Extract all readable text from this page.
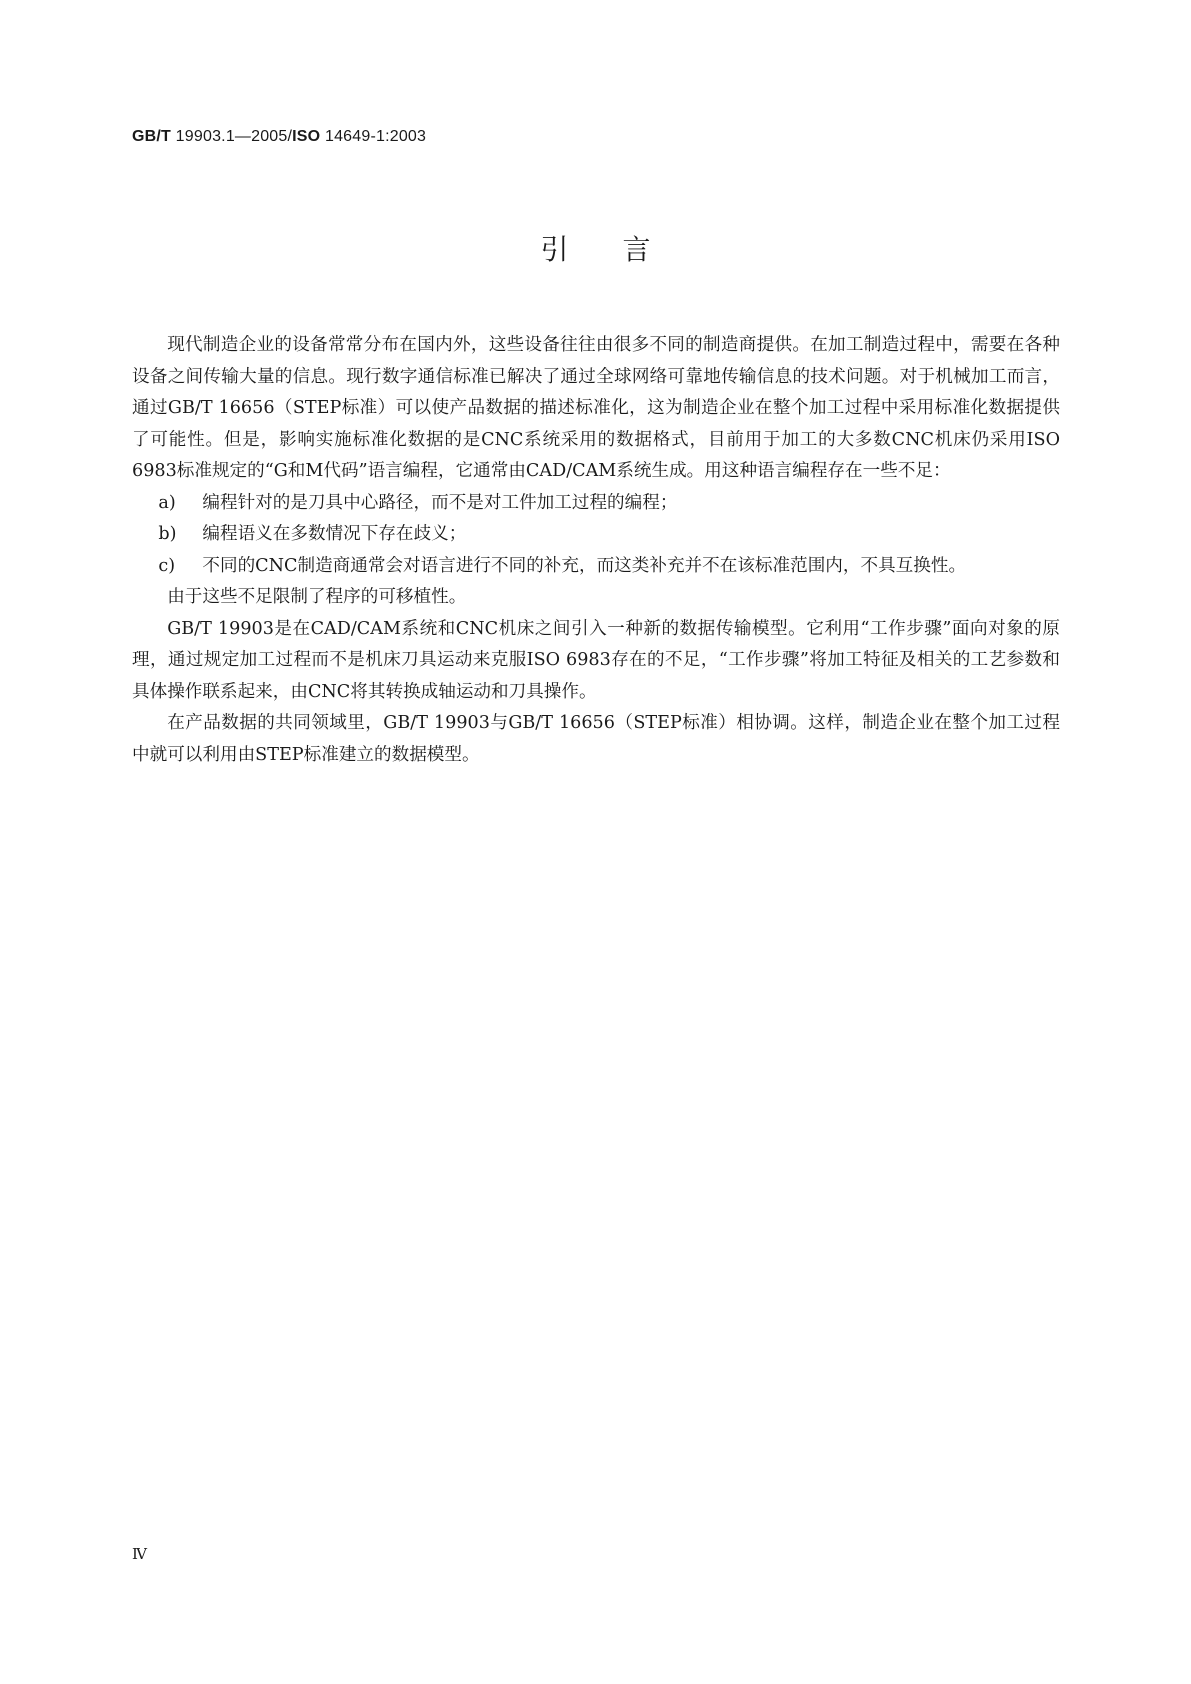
GB/T 19903.1—2005/ISO 14649-1:2003
引言

现代制造企业的设备常常分布在国内外，这些设备往往由很多不同的制造商提供。在加工制造过程中，需要在各种设备之间传输大量的信息。现行数字通信标准已解决了通过全球网络可靠地传输信息的技术问题。对于机械加工而言，通过GB/T 16656（STEP标准）可以使产品数据的描述标准化，这为制造企业在整个加工过程中采用标准化数据提供了可能性。但是，影响实施标准化数据的是CNC系统采用的数据格式，目前用于加工的大多数CNC机床仍采用ISO 6983标准规定的“G和M代码”语言编程，它通常由CAD/CAM系统生成。用这种语言编程存在一些不足：

a) 编程针对的是刀具中心路径，而不是对工件加工过程的编程；

b) 编程语义在多数情况下存在歧义；

c) 不同的CNC制造商通常会对语言进行不同的补充，而这类补充并不在该标准范围内，不具互换性。

由于这些不足限制了程序的可移植性。

GB/T 19903是在CAD/CAM系统和CNC机床之间引入一种新的数据传输模型。它利用“工作步骤”面向对象的原理，通过规定加工过程而不是机床刀具运动来克服ISO 6983存在的不足，“工作步骤”将加工特征及相关的工艺参数和具体操作联系起来，由CNC将其转换成轴运动和刀具操作。

在产品数据的共同领域里，GB/T 19903与GB/T 16656（STEP标准）相协调。这样，制造企业在整个加工过程中就可以利用由STEP标准建立的数据模型。

Ⅳ
